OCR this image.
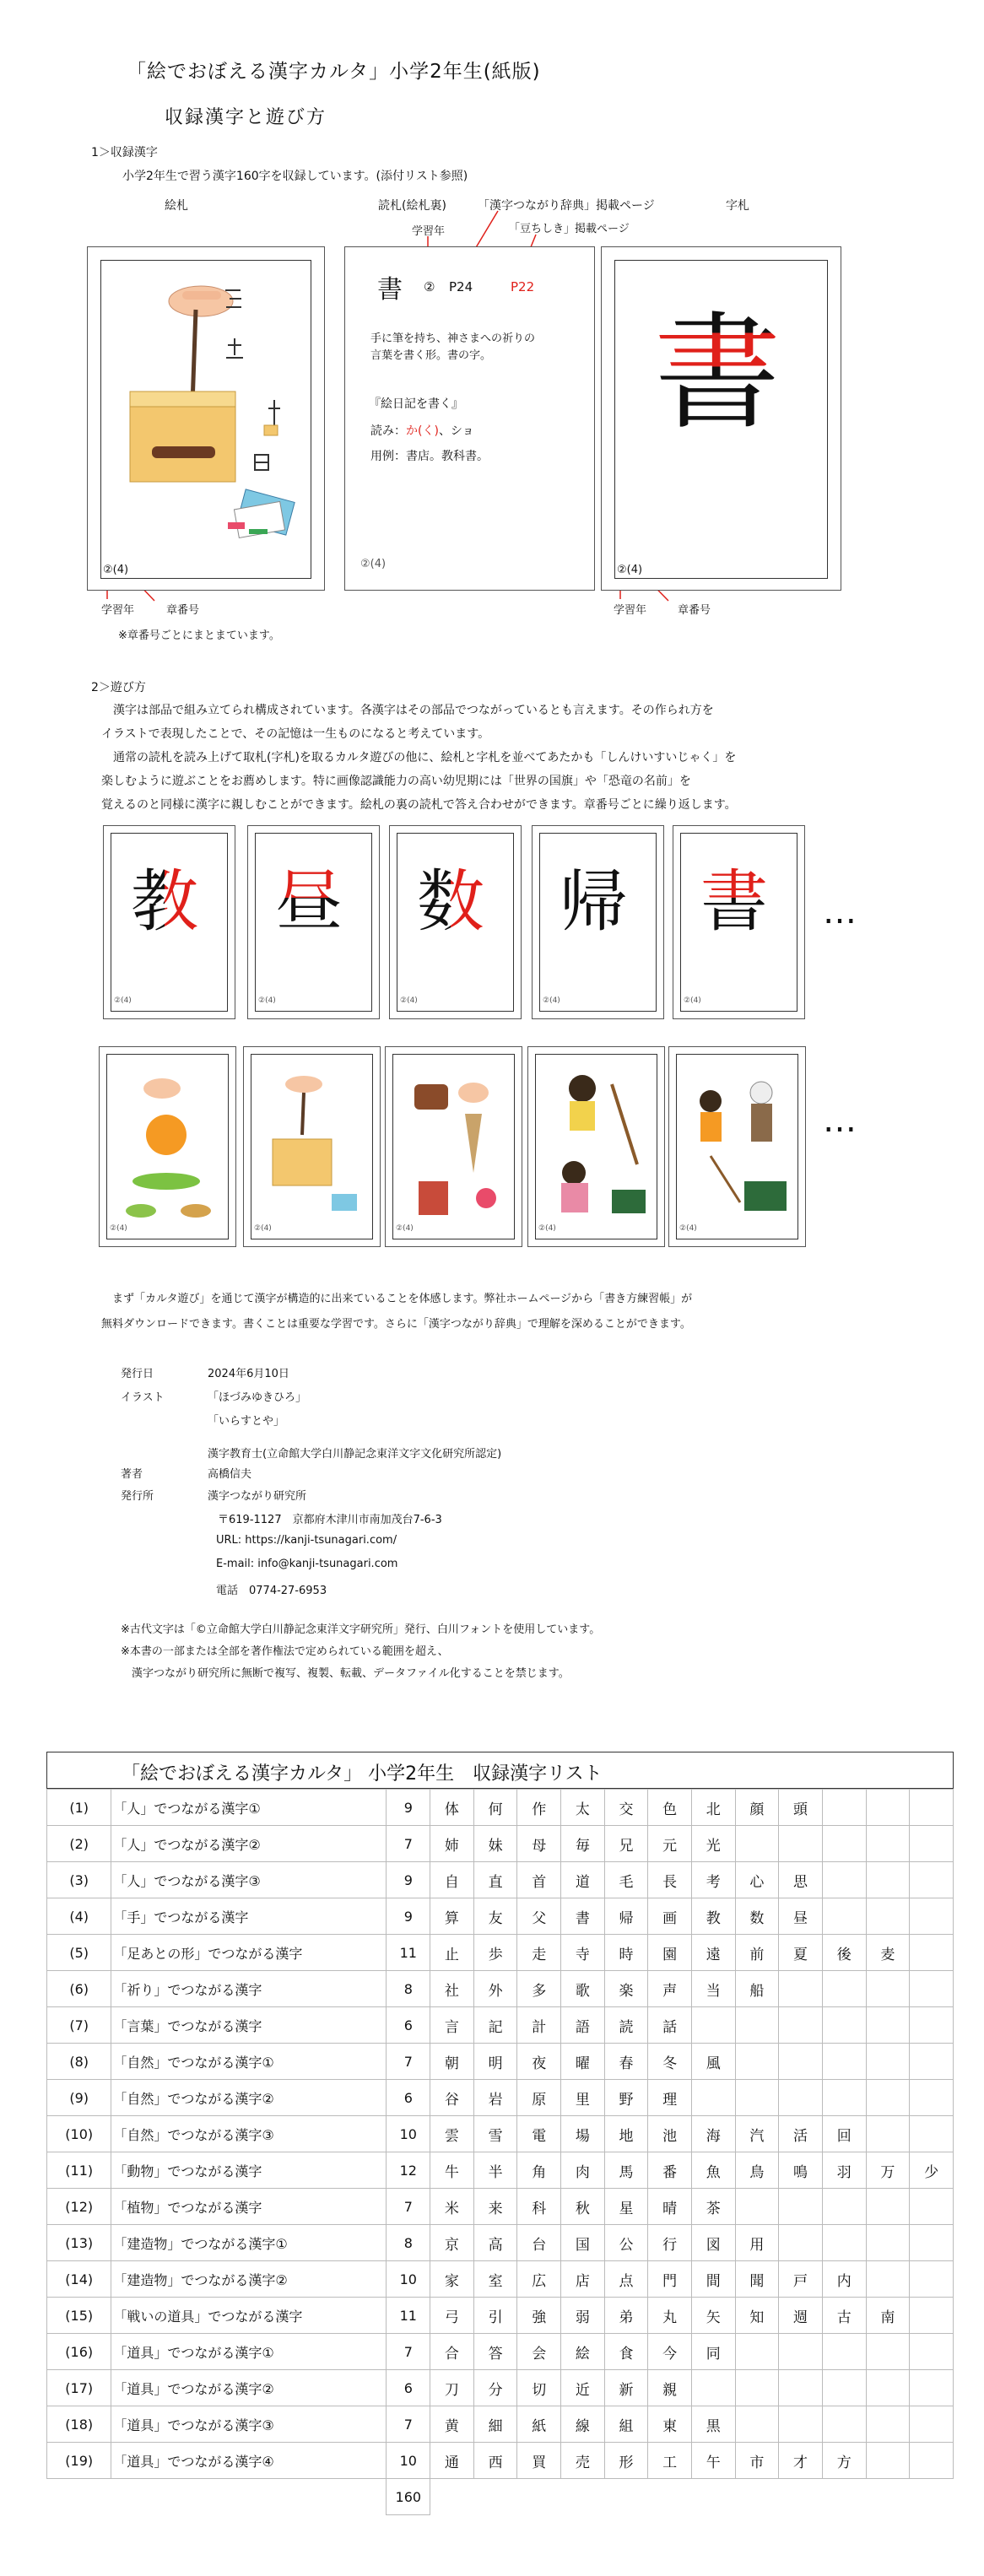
「絵でおぼえる漢字カルタ」小学2年生(紙版)
収録漢字と遊び方
1＞収録漢字
小学2年生で習う漢字160字を収録しています。(添付リスト参照)
絵札	読札(絵札裏)	「漢字つながり辞典」掲載ページ	字札
学習年	「豆ちしき」掲載ページ
②(4)
書 ② P24	P22
手に筆を持ち、神さまへの祈りの
言葉を書く形。書の字。
『絵日記を書く』
読み：か(く)、ショ
用例：書店。教科書。
②(4)
書
②(4)
学習年	章番号	学習年	章番号
※章番号ごとにまとまています。
2＞遊び方
　漢字は部品で組み立てられ構成されています。各漢字はその部品でつながっているとも言えます。その作られ方を
イラストで表現したことで、その記憶は一生ものになると考えています。
　通常の読札を読み上げて取札(字札)を取るカルタ遊びの他に、絵札と字札を並べてあたかも「しんけいすいじゃく」を
楽しむように遊ぶことをお薦めします。特に画像認識能力の高い幼児期には「世界の国旗」や「恐竜の名前」を
覚えるのと同様に漢字に親しむことができます。絵札の裏の読札で答え合わせができます。章番号ごとに繰り返します。
教
②(4)
昼
②(4)
数
②(4)
帰
②(4)
書
②(4)
…
②(4)	②(4)	②(4)	②(4)	②(4)
…
　まず「カルタ遊び」を通じて漢字が構造的に出来ていることを体感します。弊社ホームページから「書き方練習帳」が
無料ダウンロードできます。書くことは重要な学習です。さらに「漢字つながり辞典」で理解を深めることができます。
発行日	2024年6月10日
イラスト	「ほづみゆきひろ」
「いらすとや」
漢字教育士(立命館大学白川静記念東洋文字文化研究所認定)
著者	高橋信夫
発行所	漢字つながり研究所
〒619-1127　京都府木津川市南加茂台7-6-3
URL: https://kanji-tsunagari.com/
E-mail: info@kanji-tsunagari.com
電話　0774-27-6953
※古代文字は「©立命館大学白川静記念東洋文字研究所」発行、白川フォントを使用しています。
※本書の一部または全部を著作権法で定められている範囲を超え、
　漢字つながり研究所に無断で複写、複製、転載、データファイル化することを禁じます。
「絵でおぼえる漢字カルタ」 小学2年生　収録漢字リスト
(1)	「人」でつながる漢字①	9	体	何	作	太	交	色	北	顔	頭			
(2)	「人」でつながる漢字②	7	姉	妹	母	毎	兄	元	光					
(3)	「人」でつながる漢字③	9	自	直	首	道	毛	長	考	心	思			
(4)	「手」でつながる漢字	9	算	友	父	書	帰	画	教	数	昼			
(5)	「足あとの形」でつながる漢字	11	止	歩	走	寺	時	園	遠	前	夏	後	麦	
(6)	「祈り」でつながる漢字	8	社	外	多	歌	楽	声	当	船				
(7)	「言葉」でつながる漢字	6	言	記	計	語	読	話						
(8)	「自然」でつながる漢字①	7	朝	明	夜	曜	春	冬	風					
(9)	「自然」でつながる漢字②	6	谷	岩	原	里	野	理						
(10)	「自然」でつながる漢字③	10	雲	雪	電	場	地	池	海	汽	活	回		
(11)	「動物」でつながる漢字	12	牛	半	角	肉	馬	番	魚	鳥	鳴	羽	万	少
(12)	「植物」でつながる漢字	7	米	来	科	秋	星	晴	茶					
(13)	「建造物」でつながる漢字①	8	京	高	台	国	公	行	図	用				
(14)	「建造物」でつながる漢字②	10	家	室	広	店	点	門	間	聞	戸	内		
(15)	「戦いの道具」でつながる漢字	11	弓	引	強	弱	弟	丸	矢	知	週	古	南	
(16)	「道具」でつながる漢字①	7	合	答	会	絵	食	今	同					
(17)	「道具」でつながる漢字②	6	刀	分	切	近	新	親						
(18)	「道具」でつながる漢字③	7	黄	細	紙	線	組	東	黒					
(19)	「道具」でつながる漢字④	10	通	西	買	売	形	工	午	市	才	方		
		160												
